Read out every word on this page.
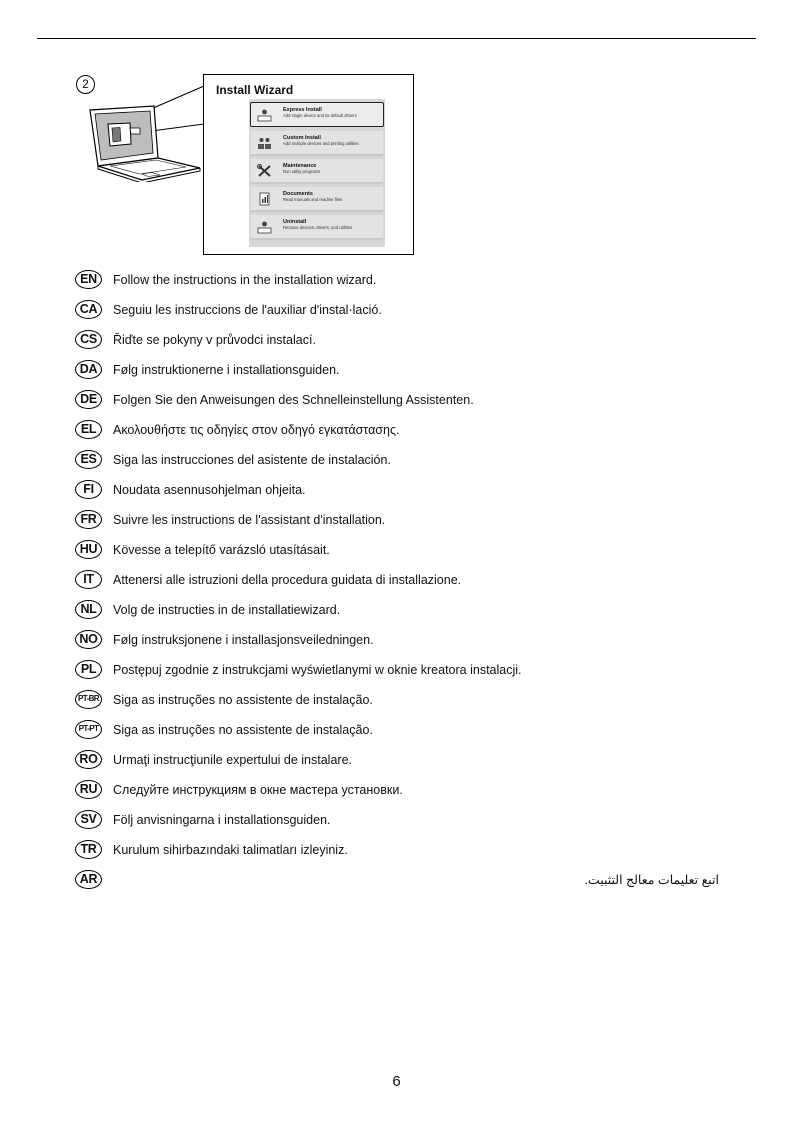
2	Install Wizard
Express Install
Add single device and its default drivers
Custom Install
Add multiple devices and printing utilities
Maintenance
Run utility programs
Documents
Read manuals and readme files
Uninstall
Remove devices, drivers, and utilities
EN	Follow the instructions in the installation wizard.
CA	Seguiu les instruccions de l'auxiliar d'instal·lació.
CS	Řiďte se pokyny v průvodci instalací.
DA	Følg instruktionerne i installationsguiden.
DE	Folgen Sie den Anweisungen des Schnelleinstellung Assistenten.
EL	Ακολουθήστε τις οδηγίες στον οδηγό εγκατάστασης.
ES	Siga las instrucciones del asistente de instalación.
FI	Noudata asennusohjelman ohjeita.
FR	Suivre les instructions de l'assistant d'installation.
HU	Kövesse a telepítő varázsló utasításait.
IT	Attenersi alle istruzioni della procedura guidata di installazione.
NL	Volg de instructies in de installatiewizard.
NO	Følg instruksjonene i installasjonsveiledningen.
PL	Postępuj zgodnie z instrukcjami wyświetlanymi w oknie kreatora instalacji.
PT-BR Siga as instruções no assistente de instalação.
PT-PT Siga as instruções no assistente de instalação.
RO	Urmaţi instrucţiunile expertului de instalare.
RU	Следуйте инструкциям в окне мастера установки.
SV	Följ anvisningarna i installationsguiden.
TR	Kurulum sihirbazındaki talimatları izleyiniz.
AR	اتبع تعليمات معالج التثبيت.
6
